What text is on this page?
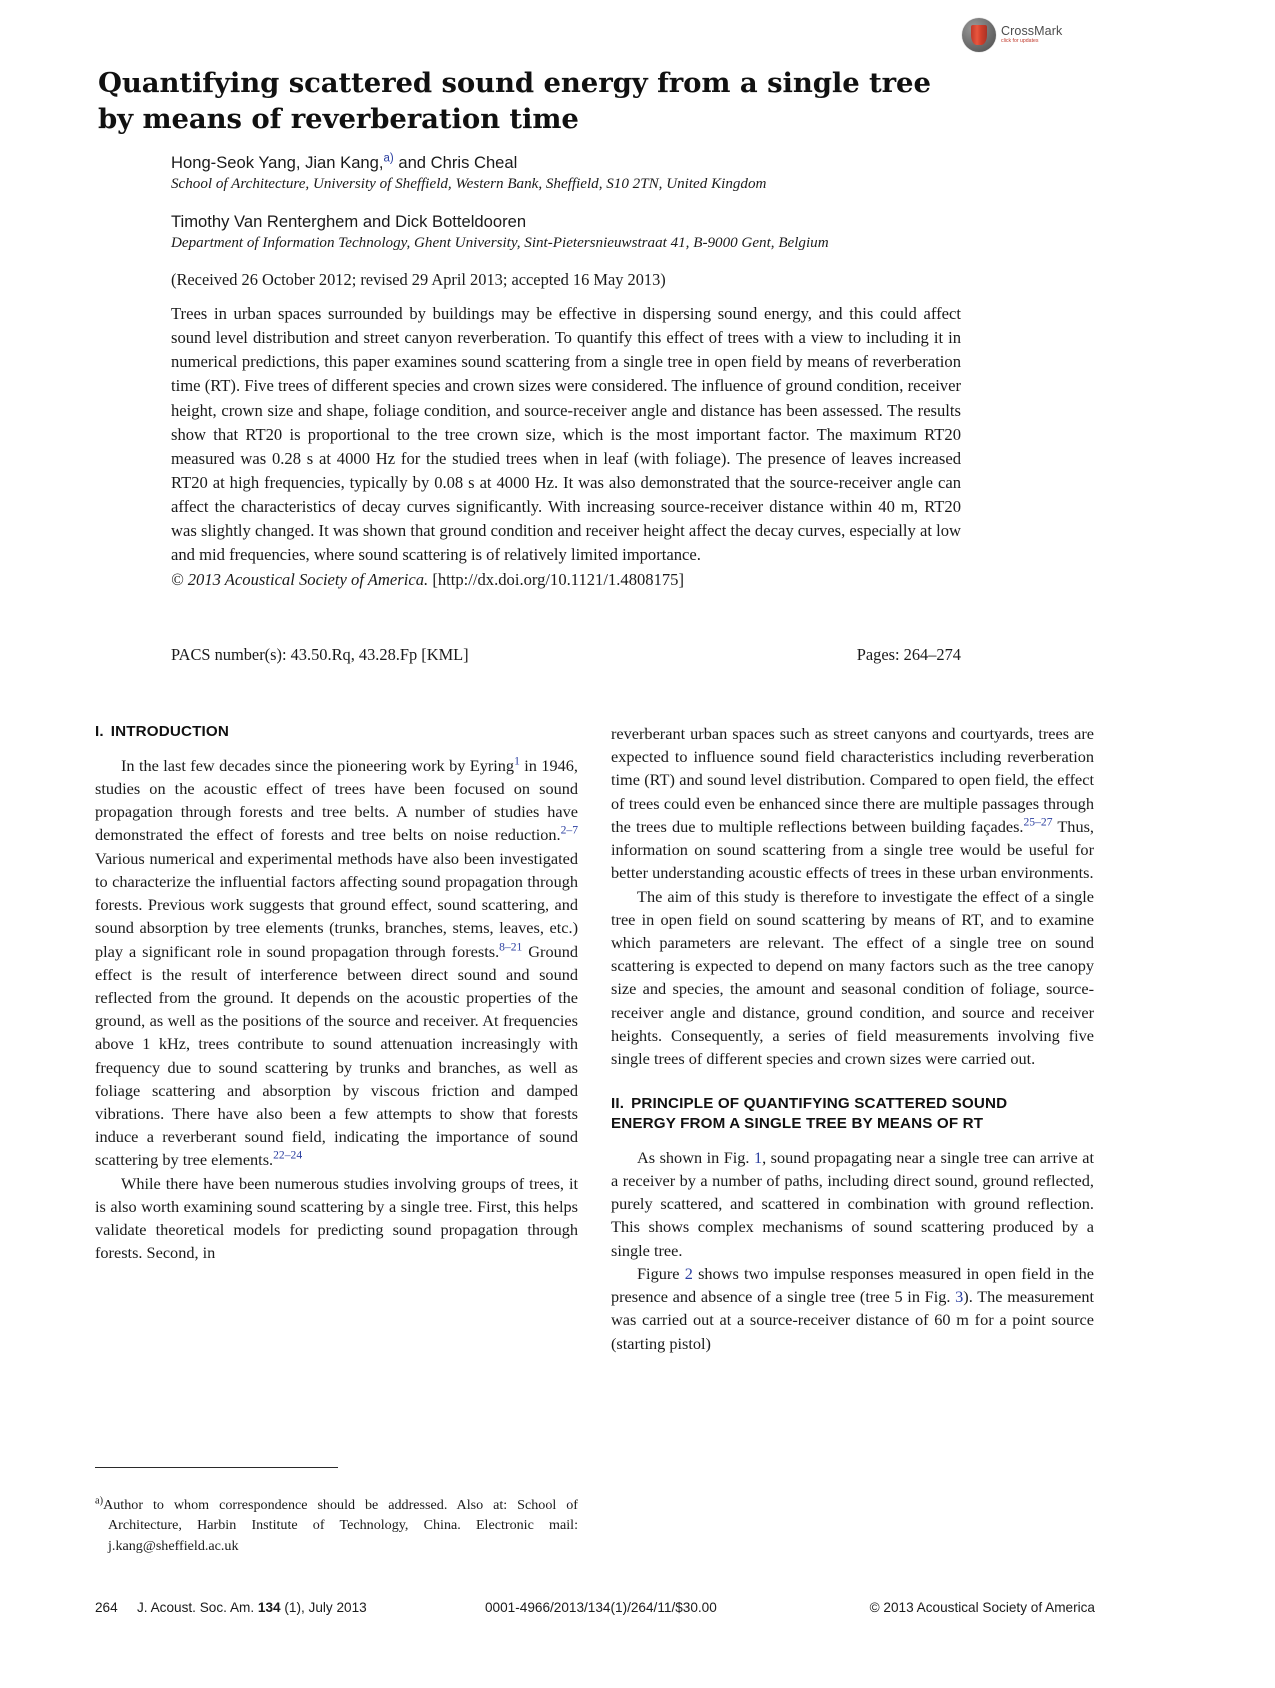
CrossMark
click for updates
Quantifying scattered sound energy from a single tree
by means of reverberation time

Hong-Seok Yang, Jian Kang,$^{a)}$ and Chris Cheal

School of Architecture, University of Sheffield, Western Bank, Sheffield, S10 2TN, United Kingdom

Timothy Van Renterghem and Dick Botteldooren

Department of Information Technology, Ghent University, Sint-Pietersnieuwstraat 41, B-9000 Gent, Belgium

(Received 26 October 2012; revised 29 April 2013; accepted 16 May 2013)

Trees in urban spaces surrounded by buildings may be effective in dispersing sound energy, and this could affect sound level distribution and street canyon reverberation. To quantify this effect of trees with a view to including it in numerical predictions, this paper examines sound scattering from a single tree in open field by means of reverberation time (RT). Five trees of different species and crown sizes were considered. The influence of ground condition, receiver height, crown size and shape, foliage condition, and source-receiver angle and distance has been assessed. The results show that RT20 is proportional to the tree crown size, which is the most important factor. The maximum RT20 measured was 0.28 s at 4000 Hz for the studied trees when in leaf (with foliage). The presence of leaves increased RT20 at high frequencies, typically by 0.08 s at 4000 Hz. It was also demonstrated that the source-receiver angle can affect the characteristics of decay curves significantly. With increasing source-receiver distance within 40 m, RT20 was slightly changed. It was shown that ground condition and receiver height affect the decay curves, especially at low and mid frequencies, where sound scattering is of relatively limited importance.
© 2013 Acoustical Society of America. [http://dx.doi.org/10.1121/1.4808175]
PACS number(s): 43.50.Rq, 43.28.Fp [KML]	Pages: 264–274
I. INTRODUCTION

In the last few decades since the pioneering work by Eyring$^1$ in 1946, studies on the acoustic effect of trees have been focused on sound propagation through forests and tree belts. A number of studies have demonstrated the effect of forests and tree belts on noise reduction.$^{2-7}$ Various numerical and experimental methods have also been investigated to characterize the influential factors affecting sound propagation through forests. Previous work suggests that ground effect, sound scattering, and sound absorption by tree elements (trunks, branches, stems, leaves, etc.) play a significant role in sound propagation through forests.$^{8-21}$ Ground effect is the result of interference between direct sound and sound reflected from the ground. It depends on the acoustic properties of the ground, as well as the positions of the source and receiver. At frequencies above 1 kHz, trees contribute to sound attenuation increasingly with frequency due to sound scattering by trunks and branches, as well as foliage scattering and absorption by viscous friction and damped vibrations. There have also been a few attempts to show that forests induce a reverberant sound field, indicating the importance of sound scattering by tree elements.$^{22-24}$

While there have been numerous studies involving groups of trees, it is also worth examining sound scattering by a single tree. First, this helps validate theoretical models for predicting sound propagation through forests. Second, in

reverberant urban spaces such as street canyons and courtyards, trees are expected to influence sound field characteristics including reverberation time (RT) and sound level distribution. Compared to open field, the effect of trees could even be enhanced since there are multiple passages through the trees due to multiple reflections between building façades.$^{25-27}$ Thus, information on sound scattering from a single tree would be useful for better understanding acoustic effects of trees in these urban environments.

The aim of this study is therefore to investigate the effect of a single tree in open field on sound scattering by means of RT, and to examine which parameters are relevant. The effect of a single tree on sound scattering is expected to depend on many factors such as the tree canopy size and species, the amount and seasonal condition of foliage, source-receiver angle and distance, ground condition, and source and receiver heights. Consequently, a series of field measurements involving five single trees of different species and crown sizes were carried out.

II. PRINCIPLE OF QUANTIFYING SCATTERED SOUND
ENERGY FROM A SINGLE TREE BY MEANS OF RT

As shown in Fig. 1, sound propagating near a single tree can arrive at a receiver by a number of paths, including direct sound, ground reflected, purely scattered, and scattered in combination with ground reflection. This shows complex mechanisms of sound scattering produced by a single tree.

Figure 2 shows two impulse responses measured in open field in the presence and absence of a single tree (tree 5 in Fig. 3). The measurement was carried out at a source-receiver distance of 60 m for a point source (starting pistol)

$^{a)}$Author to whom correspondence should be addressed. Also at: School of Architecture, Harbin Institute of Technology, China. Electronic mail: j.kang@sheffield.ac.uk
264	J. Acoust. Soc. Am. 134 (1), July 2013	0001-4966/2013/134(1)/264/11/$30.00	© 2013 Acoustical Society of America
